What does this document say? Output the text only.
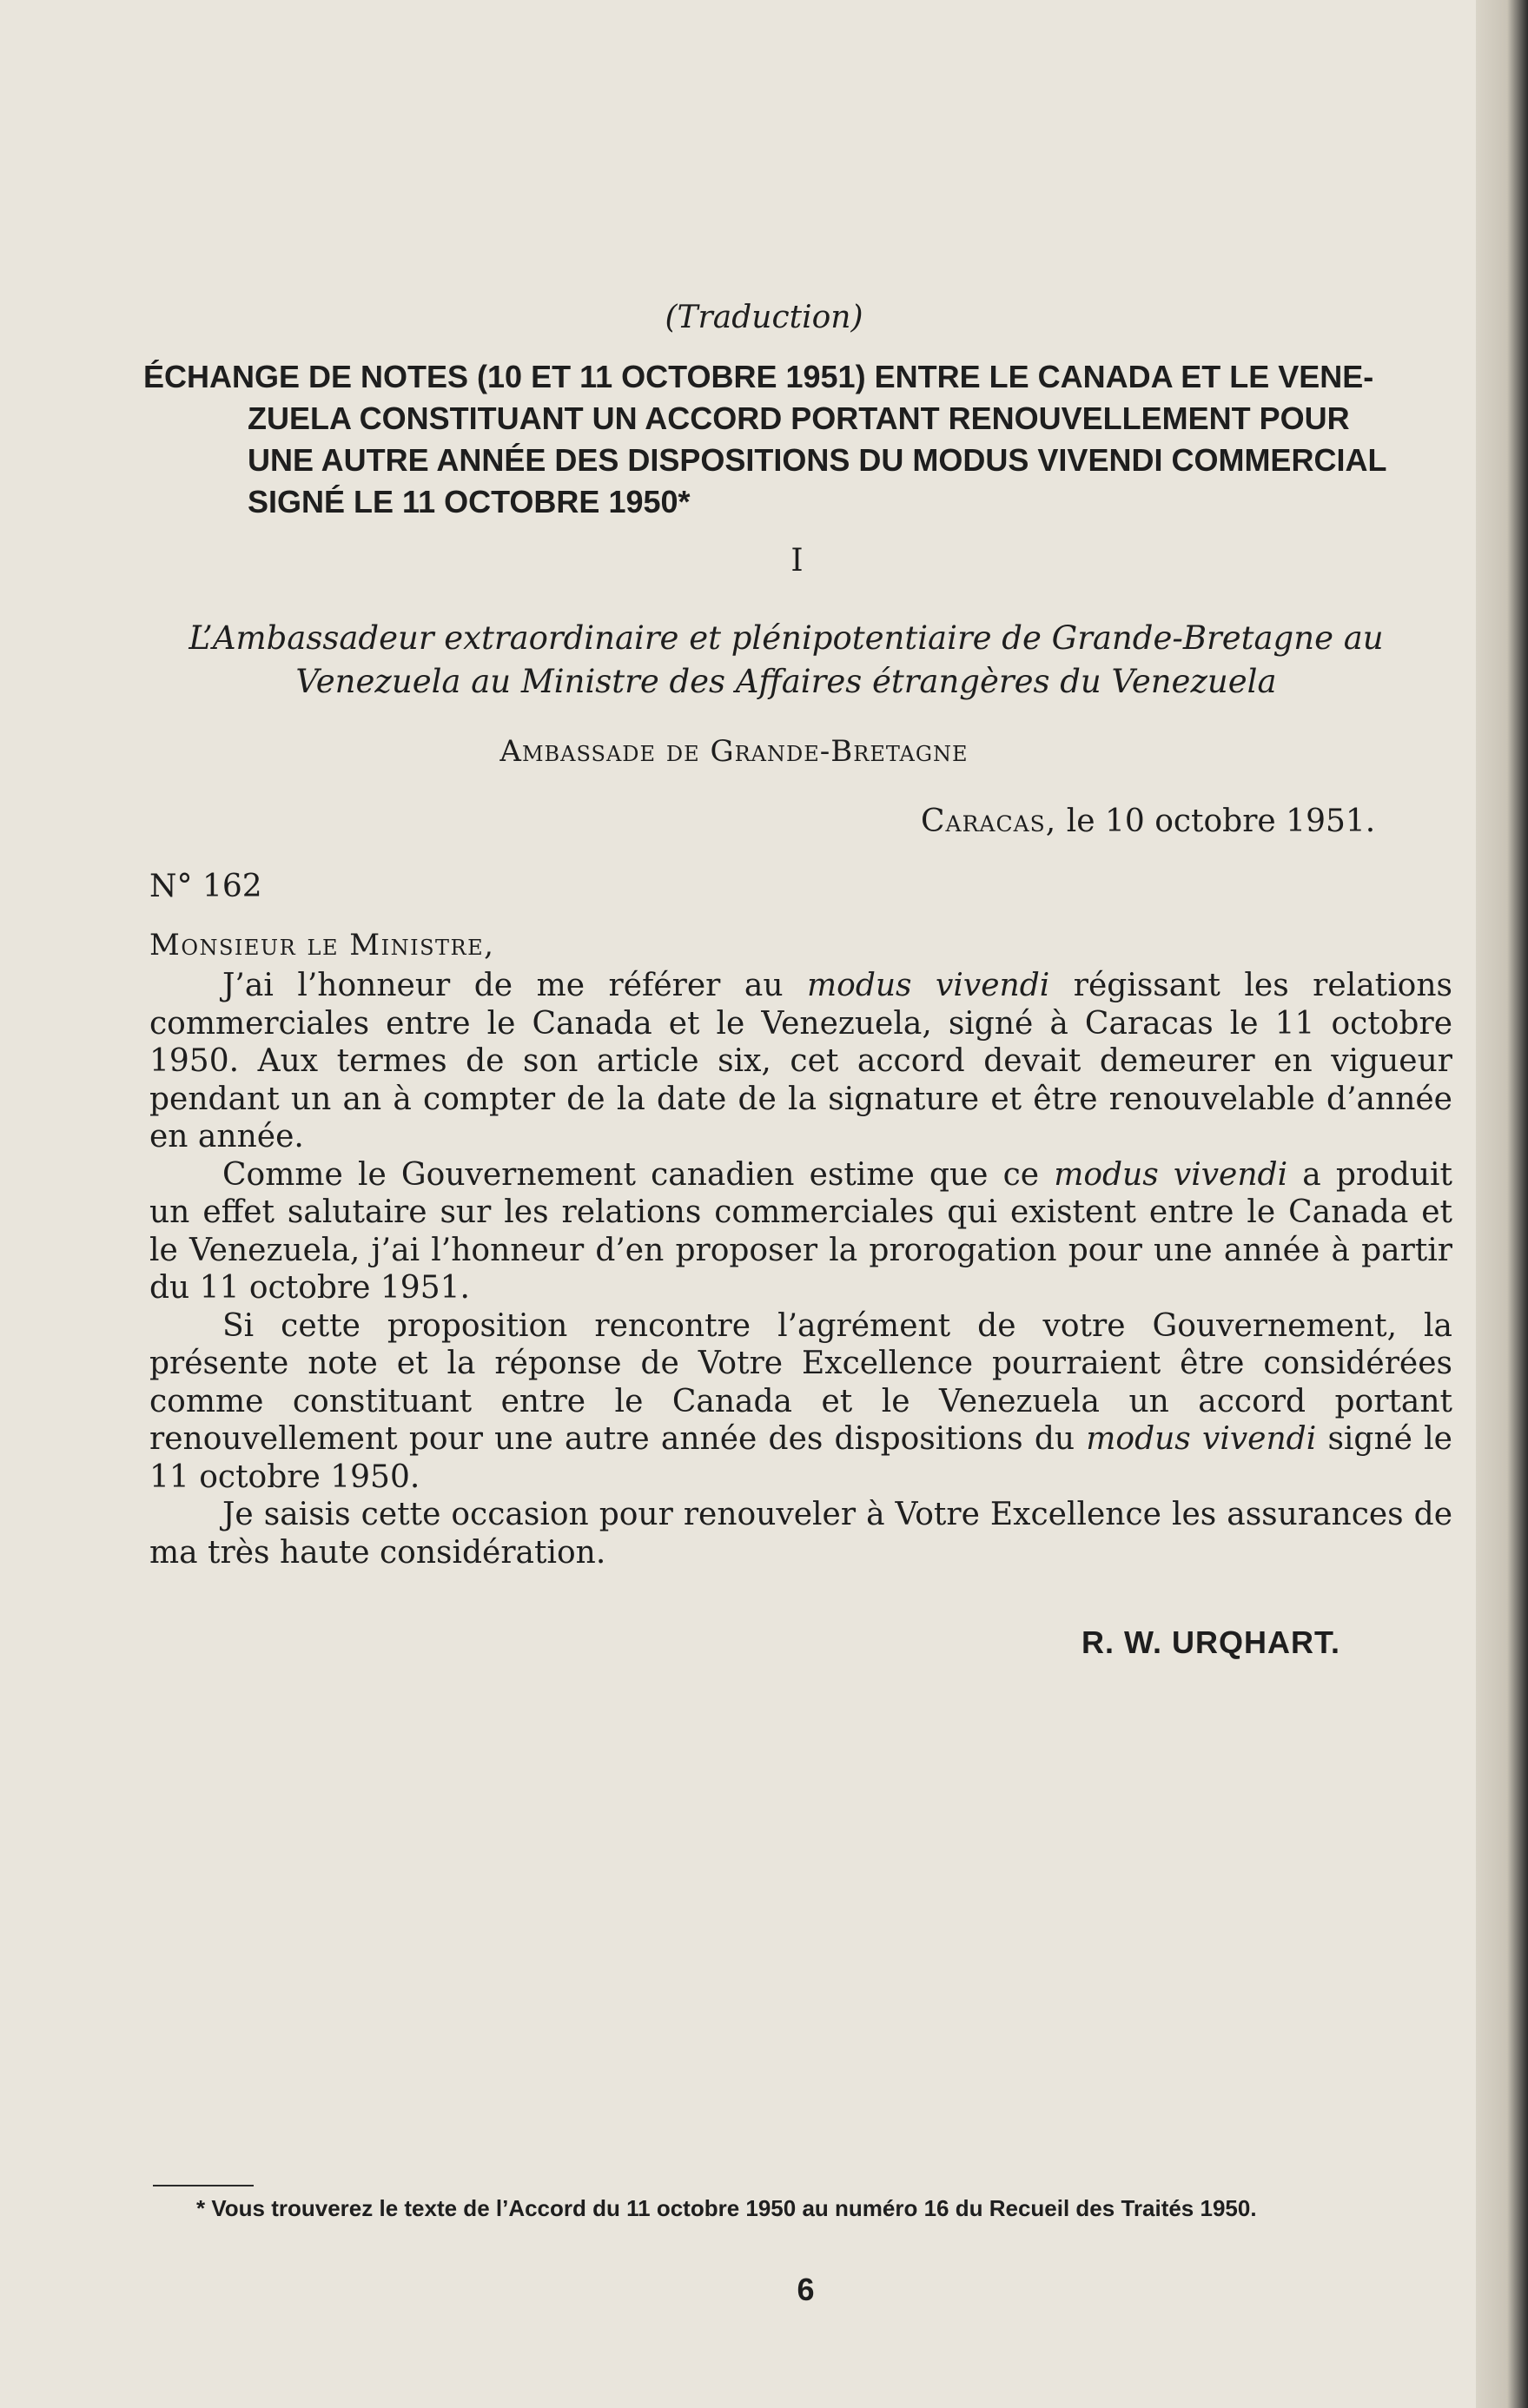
(Traduction)

ÉCHANGE DE NOTES (10 ET 11 OCTOBRE 1951) ENTRE LE CANADA ET LE VENE-

ZUELA CONSTITUANT UN ACCORD PORTANT RENOUVELLEMENT POUR

UNE AUTRE ANNÉE DES DISPOSITIONS DU MODUS VIVENDI COMMERCIAL

SIGNÉ LE 11 OCTOBRE 1950*

I
L’Ambassadeur extraordinaire et plénipotentiaire de Grande-Bretagne au
Venezuela au Ministre des Affaires étrangères du Venezuela
Ambassade de Grande-Bretagne
Caracas, le 10 octobre 1951.
N° 162
Monsieur le Ministre,

J’ai l’honneur de me référer au modus vivendi régissant les relations commerciales entre le Canada et le Venezuela, signé à Caracas le 11 octobre 1950. Aux termes de son article six, cet accord devait demeurer en vigueur pendant un an à compter de la date de la signature et être renouvelable d’année en année.

Comme le Gouvernement canadien estime que ce modus vivendi a produit un effet salutaire sur les relations commerciales qui existent entre le Canada et le Venezuela, j’ai l’honneur d’en proposer la prorogation pour une année à partir du 11 octobre 1951.

Si cette proposition rencontre l’agrément de votre Gouvernement, la présente note et la réponse de Votre Excellence pourraient être considérées comme constituant entre le Canada et le Venezuela un accord portant renouvellement pour une autre année des dispositions du modus vivendi signé le 11 octobre 1950.

Je saisis cette occasion pour renouveler à Votre Excellence les assurances de ma très haute considération.

R. W. URQHART.
* Vous trouverez le texte de l’Accord du 11 octobre 1950 au numéro 16 du Recueil des Traités 1950.
6
